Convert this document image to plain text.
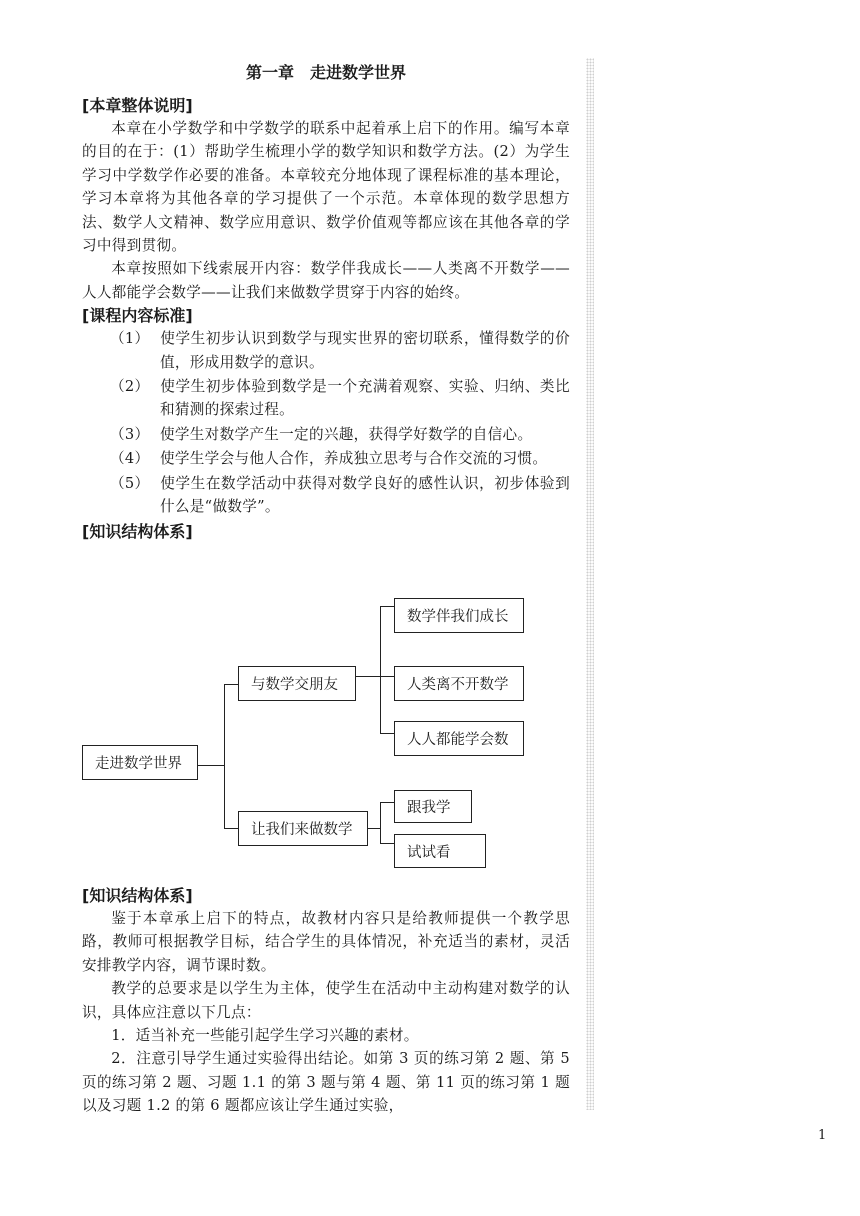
第一章　走进数学世界
[本章整体说明]

本章在小学数学和中学数学的联系中起着承上启下的作用。编写本章的目的在于：(1）帮助学生梳理小学的数学知识和数学方法。(2）为学生学习中学数学作必要的准备。本章较充分地体现了课程标准的基本理论，学习本章将为其他各章的学习提供了一个示范。本章体现的数学思想方法、数学人文精神、数学应用意识、数学价值观等都应该在其他各章的学习中得到贯彻。

本章按照如下线索展开内容：数学伴我成长——人类离不开数学——人人都能学会数学——让我们来做数学贯穿于内容的始终。

[课程内容标准]

（1） 使学生初步认识到数学与现实世界的密切联系，懂得数学的价值，形成用数学的意识。

（2） 使学生初步体验到数学是一个充满着观察、实验、归纳、类比和猜测的探索过程。

（3） 使学生对数学产生一定的兴趣，获得学好数学的自信心。

（4） 使学生学会与他人合作，养成独立思考与合作交流的习惯。

（5） 使学生在数学活动中获得对数学良好的感性认识，初步体验到什么是“做数学”。

[知识结构体系]
走进数学世界
与数学交朋友
让我们来做数学
数学伴我们成长
人类离不开数学
人人都能学会数
跟我学
试试看
[知识结构体系]

鉴于本章承上启下的特点，故教材内容只是给教师提供一个教学思路，教师可根据教学目标，结合学生的具体情况，补充适当的素材，灵活安排教学内容，调节课时数。

教学的总要求是以学生为主体，使学生在活动中主动构建对数学的认识，具体应注意以下几点：

1．适当补充一些能引起学生学习兴趣的素材。

2．注意引导学生通过实验得出结论。如第 3 页的练习第 2 题、第 5 页的练习第 2 题、习题 1.1 的第 3 题与第 4 题、第 11 页的练习第 1 题以及习题 1.2 的第 6 题都应该让学生通过实验，

1
